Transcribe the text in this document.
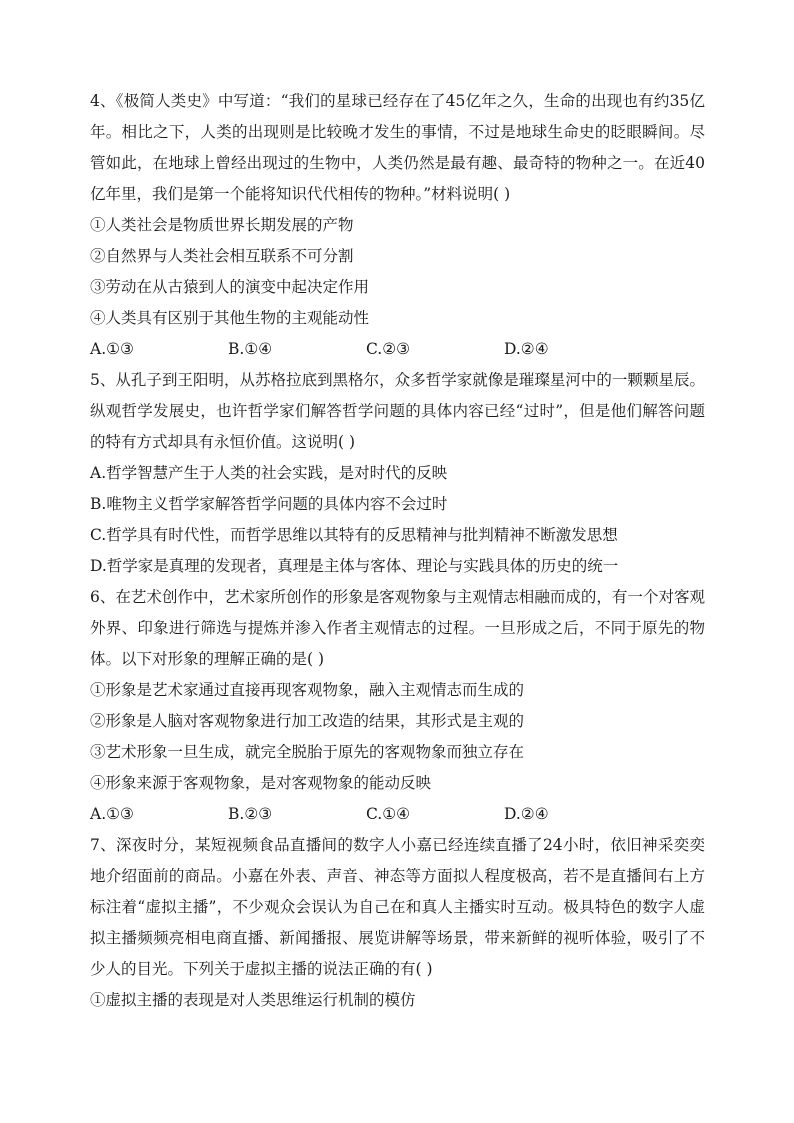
4、《极简人类史》中写道：“我们的星球已经存在了45亿年之久，生命的出现也有约35亿年。相比之下，人类的出现则是比较晚才发生的事情，不过是地球生命史的眨眼瞬间。尽管如此，在地球上曾经出现过的生物中，人类仍然是最有趣、最奇特的物种之一。在近40亿年里，我们是第一个能将知识代代相传的物种。”材料说明( )

①人类社会是物质世界长期发展的产物

②自然界与人类社会相互联系不可分割

③劳动在从古猿到人的演变中起决定作用

④人类具有区别于其他生物的主观能动性

A.①③	B.①④	C.②③	D.②④

5、从孔子到王阳明，从苏格拉底到黑格尔，众多哲学家就像是璀璨星河中的一颗颗星辰。纵观哲学发展史，也许哲学家们解答哲学问题的具体内容已经“过时”，但是他们解答问题的特有方式却具有永恒价值。这说明( )

A.哲学智慧产生于人类的社会实践，是对时代的反映

B.唯物主义哲学家解答哲学问题的具体内容不会过时

C.哲学具有时代性，而哲学思维以其特有的反思精神与批判精神不断激发思想

D.哲学家是真理的发现者，真理是主体与客体、理论与实践具体的历史的统一

6、在艺术创作中，艺术家所创作的形象是客观物象与主观情志相融而成的，有一个对客观外界、印象进行筛选与提炼并渗入作者主观情志的过程。一旦形成之后，不同于原先的物体。以下对形象的理解正确的是( )

①形象是艺术家通过直接再现客观物象，融入主观情志而生成的

②形象是人脑对客观物象进行加工改造的结果，其形式是主观的

③艺术形象一旦生成，就完全脱胎于原先的客观物象而独立存在

④形象来源于客观物象，是对客观物象的能动反映

A.①③	B.②③	C.①④	D.②④

7、深夜时分，某短视频食品直播间的数字人小嘉已经连续直播了24小时，依旧神采奕奕地介绍面前的商品。小嘉在外表、声音、神态等方面拟人程度极高，若不是直播间右上方标注着“虚拟主播”，不少观众会误认为自己在和真人主播实时互动。极具特色的数字人虚拟主播频频亮相电商直播、新闻播报、展览讲解等场景，带来新鲜的视听体验，吸引了不少人的目光。下列关于虚拟主播的说法正确的有( )

①虚拟主播的表现是对人类思维运行机制的模仿
